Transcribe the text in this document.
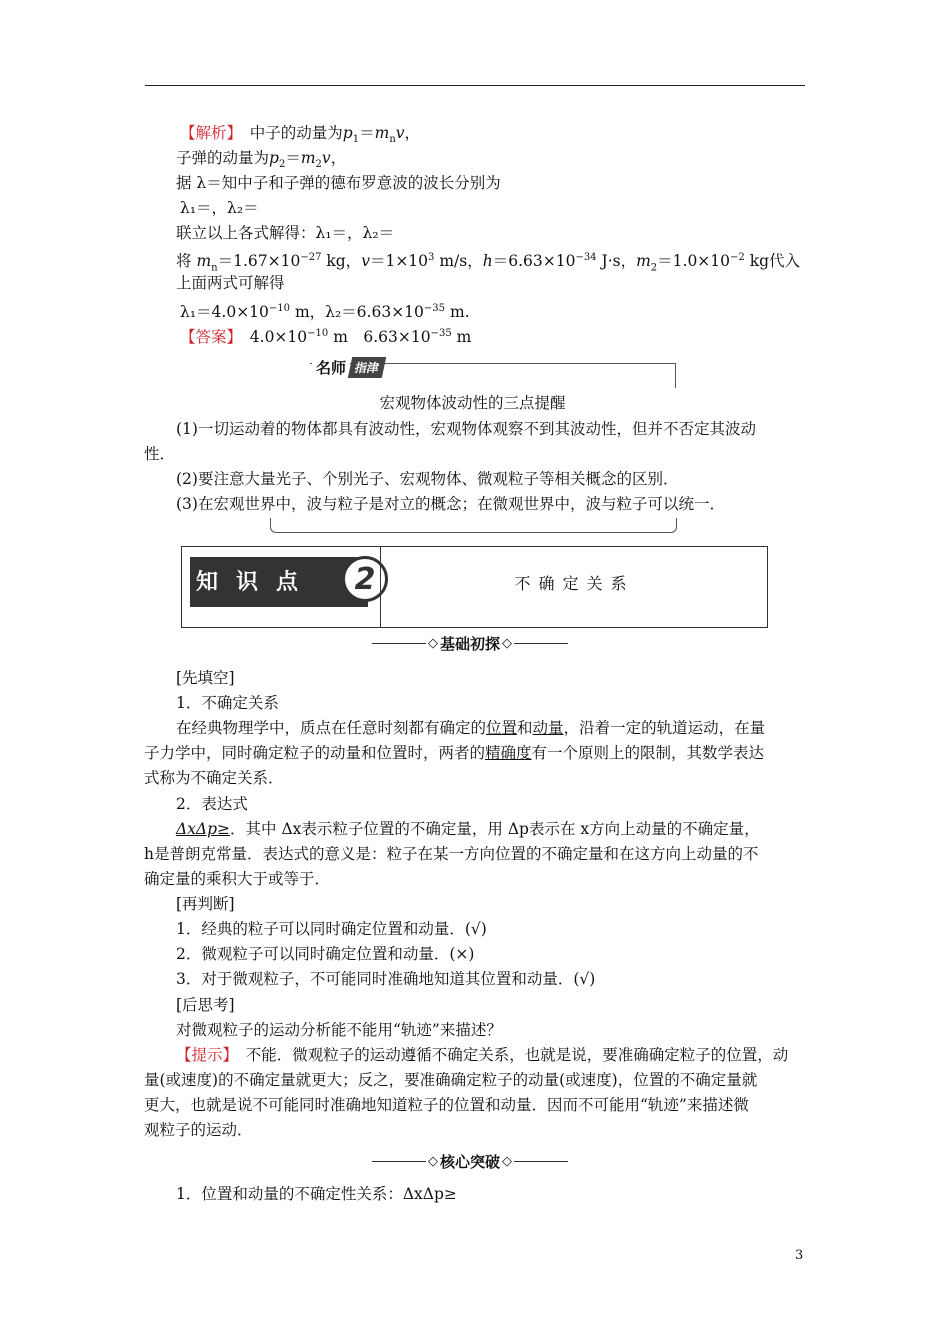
【解析】　 中子的动量为$p_1=m_nv$，
子弹的动量为$p_2=m_2v$，
据 λ＝知中子和子弹的德布罗意波的波长分别为
λ₁＝，λ₂＝
联立以上各式解得：λ₁＝，λ₂＝
将 $m_n=1.67\times 10^{-27}$ kg，$v=1\times 10^3$ m/s，$h=6.63\times 10^{-34}$ J·s，$m_2=1.0\times 10^{-2}$ kg代入
上面两式可解得
$\lambda_1=4.0\times 10^{-10}$ m，$\lambda_2=6.63\times 10^{-35}$ m.
【答案】　 $4.0\times 10^{-10}$ m　$6.63\times 10^{-35}$ m
名师 指津
宏观物体波动性的三点提醒
(1)一切运动着的物体都具有波动性，宏观物体观察不到其波动性，但并不否定其波动
性．
(2)要注意大量光子、个别光子、宏观物体、微观粒子等相关概念的区别．
(3)在宏观世界中，波与粒子是对立的概念；在微观世界中，波与粒子可以统一．
知识点	2	不确定关系
◇ 基础初探 ◇
[先填空]
1．不确定关系
在经典物理学中，质点在任意时刻都有确定的位置和动量，沿着一定的轨道运动，在量
子力学中，同时确定粒子的动量和位置时，两者的精确度有一个原则上的限制，其数学表达
式称为不确定关系．
2．表达式
ΔxΔp≥．其中 Δx表示粒子位置的不确定量，用 Δp表示在 x方向上动量的不确定量，
h是普朗克常量．表达式的意义是：粒子在某一方向位置的不确定量和在这方向上动量的不
确定量的乘积大于或等于．
[再判断]
1．经典的粒子可以同时确定位置和动量．(√)
2．微观粒子可以同时确定位置和动量．(×)
3．对于微观粒子，不可能同时准确地知道其位置和动量．(√)
[后思考]
对微观粒子的运动分析能不能用“轨迹”来描述？
【提示】　 不能．微观粒子的运动遵循不确定关系，也就是说，要准确确定粒子的位置，动
量(或速度)的不确定量就更大；反之，要准确确定粒子的动量(或速度)，位置的不确定量就
更大，也就是说不可能同时准确地知道粒子的位置和动量．因而不可能用“轨迹”来描述微
观粒子的运动．
◇ 核心突破 ◇
1．位置和动量的不确定性关系：ΔxΔp≥
3
